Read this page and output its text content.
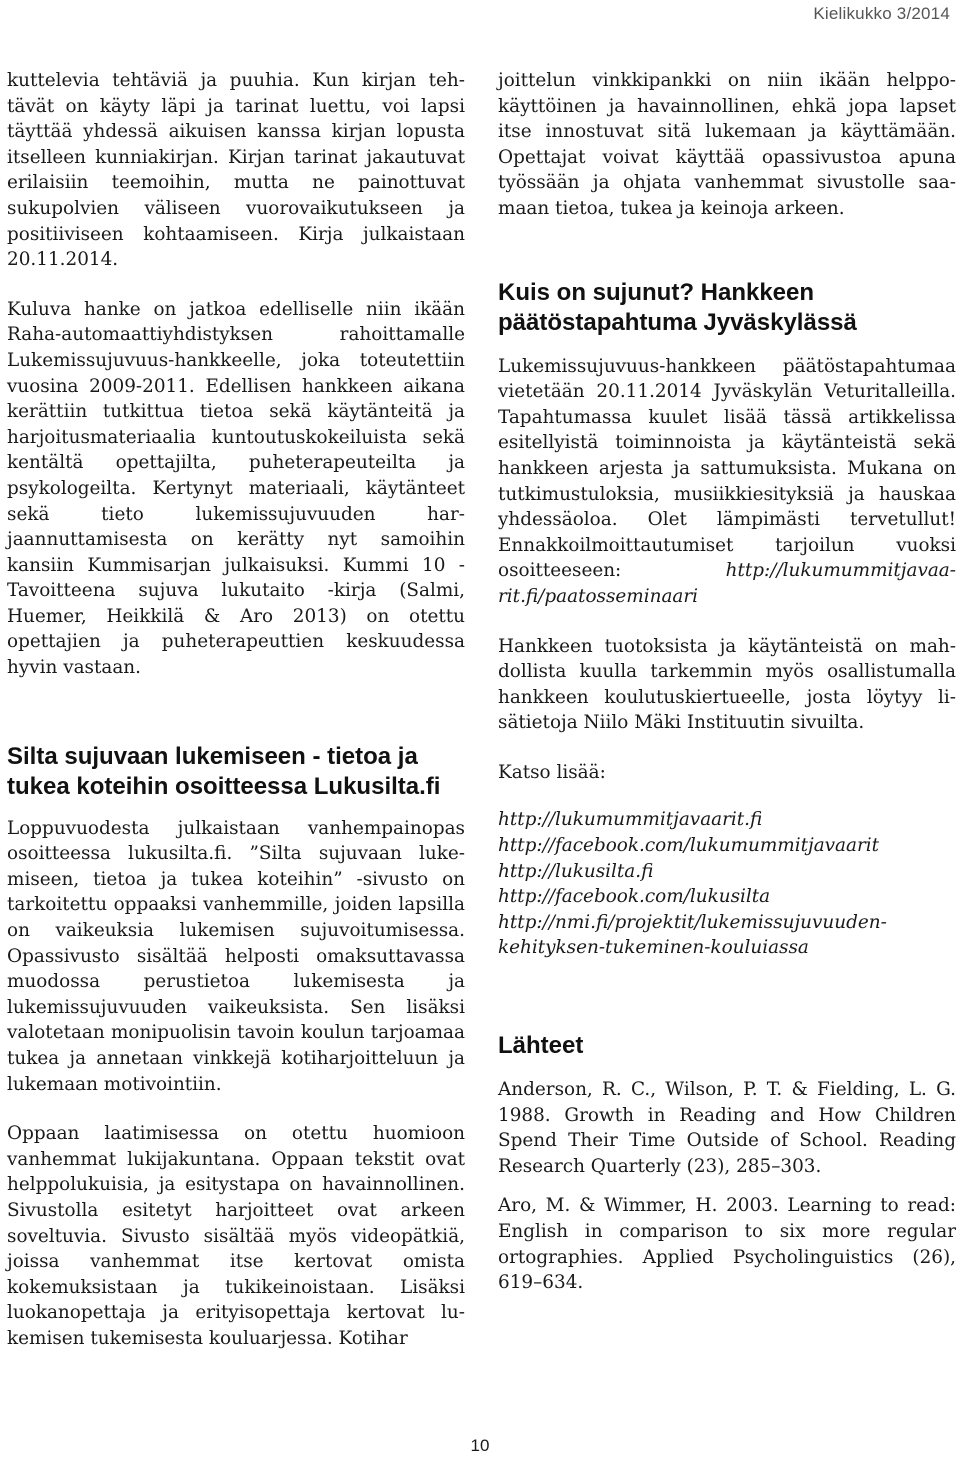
Kielikukko 3/2014

kuttelevia tehtäviä ja puuhia. Kun kirjan tehtävät on käyty läpi ja tarinat luettu, voi lapsi täyttää yhdessä aikuisen kanssa kirjan lopusta itselleen kunniakirjan. Kirjan tarinat jakautuvat erilaisiin teemoihin, mutta ne painottuvat sukupolvien väliseen vuorovaikutukseen ja positiiviseen kohtaamiseen. Kirja julkaistaan 20.11.2014.

Kuluva hanke on jatkoa edelliselle niin ikään Raha-automaattiyhdistyksen rahoittamalle Lukemissujuvuus-hankkeelle, joka toteutettiin vuosina 2009-2011. Edellisen hankkeen aikana kerättiin tutkittua tietoa sekä käytänteitä ja harjoitusmateriaalia kuntoutuskokeiluista sekä kentältä opettajilta, puheterapeuteilta ja psykologeilta. Kertynyt materiaali, käytänteet sekä tieto lukemissujuvuuden harjaannuttamisesta on kerätty nyt samoihin kansiin Kummisarjan julkaisuksi. Kummi 10 - Tavoitteena sujuva lukutaito -kirja (Salmi, Huemer, Heikkilä & Aro 2013) on otettu opettajien ja puheterapeuttien keskuudessa hyvin vastaan.

Silta sujuvaan lukemiseen - tietoa ja tukea koteihin osoitteessa Lukusilta.fi

Loppuvuodesta julkaistaan vanhempainopas osoitteessa lukusilta.fi. ”Silta sujuvaan lukemiseen, tietoa ja tukea koteihin” -sivusto on tarkoitettu oppaaksi vanhemmille, joiden lapsilla on vaikeuksia lukemisen sujuvoitumisessa. Opassivusto sisältää helposti omaksuttavassa muodossa perustietoa lukemisesta ja lukemissujuvuuden vaikeuksista. Sen lisäksi valotetaan monipuolisin tavoin koulun tarjoamaa tukea ja annetaan vinkkejä kotiharjoitteluun ja lukemaan motivointiin.

Oppaan laatimisessa on otettu huomioon vanhemmat lukijakuntana. Oppaan tekstit ovat helppolukuisia, ja esitystapa on havainnollinen. Sivustolla esitetyt harjoitteet ovat arkeen soveltuvia. Sivusto sisältää myös videopätkiä, joissa vanhemmat itse kertovat omista kokemuksistaan ja tukikeinoistaan. Lisäksi luokanopettaja ja erityisopettaja kertovat lukemisen tukemisesta kouluarjessa. Kotihar

joittelun vinkkipankki on niin ikään helppokäyttöinen ja havainnollinen, ehkä jopa lapset itse innostuvat sitä lukemaan ja käyttämään. Opettajat voivat käyttää opassivustoa apuna työssään ja ohjata vanhemmat sivustolle saamaan tietoa, tukea ja keinoja arkeen.

Kuis on sujunut? Hankkeen päätöstapahtuma Jyväskylässä

Lukemissujuvuus-hankkeen päätöstapahtumaa vietetään 20.11.2014 Jyväskylän Veturitalleilla. Tapahtumassa kuulet lisää tässä artikkelissa esitellyistä toiminnoista ja käytänteistä sekä hankkeen arjesta ja sattumuksista. Mukana on tutkimustuloksia, musiikkiesityksiä ja hauskaa yhdessäoloa. Olet lämpimästi tervetullut! Ennakkoilmoittautumiset tarjoilun vuoksi osoitteeseen:	http://lukumummitjavaarit.fi/paatosseminaari

Hankkeen tuotoksista ja käytänteistä on mahdollista kuulla tarkemmin myös osallistumalla hankkeen koulutuskiertueelle, josta löytyy lisätietoja Niilo Mäki Instituutin sivuilta.

Katso lisää:

http://lukumummitjavaarit.fi
http://facebook.com/lukumummitjavaarit
http://lukusilta.fi
http://facebook.com/lukusilta
http://nmi.fi/projektit/lukemissujuvuuden-kehityksen-tukeminen-kouluiassa
Lähteet

Anderson, R. C., Wilson, P. T. & Fielding, L. G. 1988. Growth in Reading and How Children Spend Their Time Outside of School. Reading Research Quarterly (23), 285–303.

Aro, M. & Wimmer, H. 2003. Learning to read: English in comparison to six more regular ortographies. Applied Psycholinguistics (26), 619–634.

10
